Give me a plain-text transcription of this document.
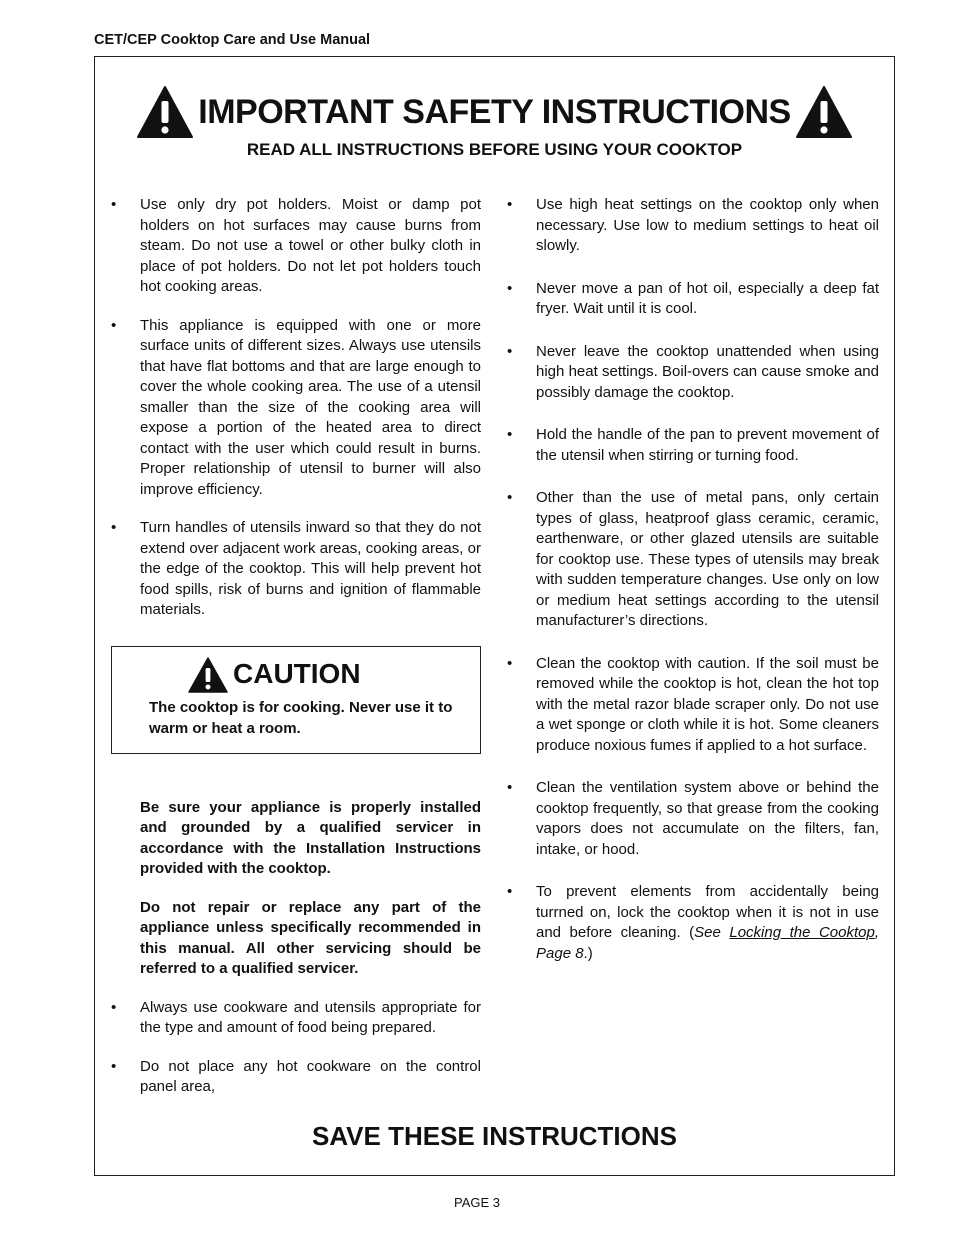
CET/CEP Cooktop Care and Use Manual
IMPORTANT SAFETY INSTRUCTIONS
READ ALL INSTRUCTIONS BEFORE USING YOUR COOKTOP
• Use only dry pot holders. Moist or damp pot holders on hot surfaces may cause burns from steam. Do not use a towel or other bulky cloth in place of pot holders. Do not let pot holders touch hot cooking areas.
• This appliance is equipped with one or more surface units of different sizes. Always use utensils that have flat bottoms and that are large enough to cover the whole cooking area. The use of a utensil smaller than the size of the cooking area will expose a portion of the heated area to direct contact with the user which could result in burns. Proper relationship of utensil to burner will also improve efficiency.
• Turn handles of utensils inward so that they do not extend over adjacent work areas, cooking areas, or the edge of the cooktop. This will help prevent hot food spills, risk of burns and ignition of flammable materials.
CAUTION
The cooktop is for cooking. Never use it to warm or heat a room.
Be sure your appliance is properly installed and grounded by a qualified servicer in accordance with the Installation Instructions provided with the cooktop.
Do not repair or replace any part of the appliance unless specifically recommended in this manual. All other servicing should be referred to a qualified servicer.
• Always use cookware and utensils appropriate for the type and amount of food being prepared.
• Do not place any hot cookware on the control panel area,
• Use high heat settings on the cooktop only when necessary. Use low to medium settings to heat oil slowly.
• Never move a pan of hot oil, especially a deep fat fryer. Wait until it is cool.
• Never leave the cooktop unattended when using high heat settings. Boil-overs can cause smoke and possibly damage the cooktop.
• Hold the handle of the pan to prevent movement of the utensil when stirring or turning food.
• Other than the use of metal pans, only certain types of glass, heatproof glass ceramic, ceramic, earthenware, or other glazed utensils are suitable for cooktop use. These types of utensils may break with sudden temperature changes. Use only on low or medium heat settings according to the utensil manufacturer’s directions.
• Clean the cooktop with caution. If the soil must be removed while the cooktop is hot, clean the hot top with the metal razor blade scraper only. Do not use a wet sponge or cloth while it is hot. Some cleaners produce noxious fumes if applied to a hot surface.
• Clean the ventilation system above or behind the cooktop frequently, so that grease from the cooking vapors does not accumulate on the filters, fan, intake, or hood.
• To prevent elements from accidentally being turrned on, lock the cooktop when it is not in use and before cleaning. (See Locking the Cooktop, Page 8.)
SAVE THESE INSTRUCTIONS
PAGE 3
